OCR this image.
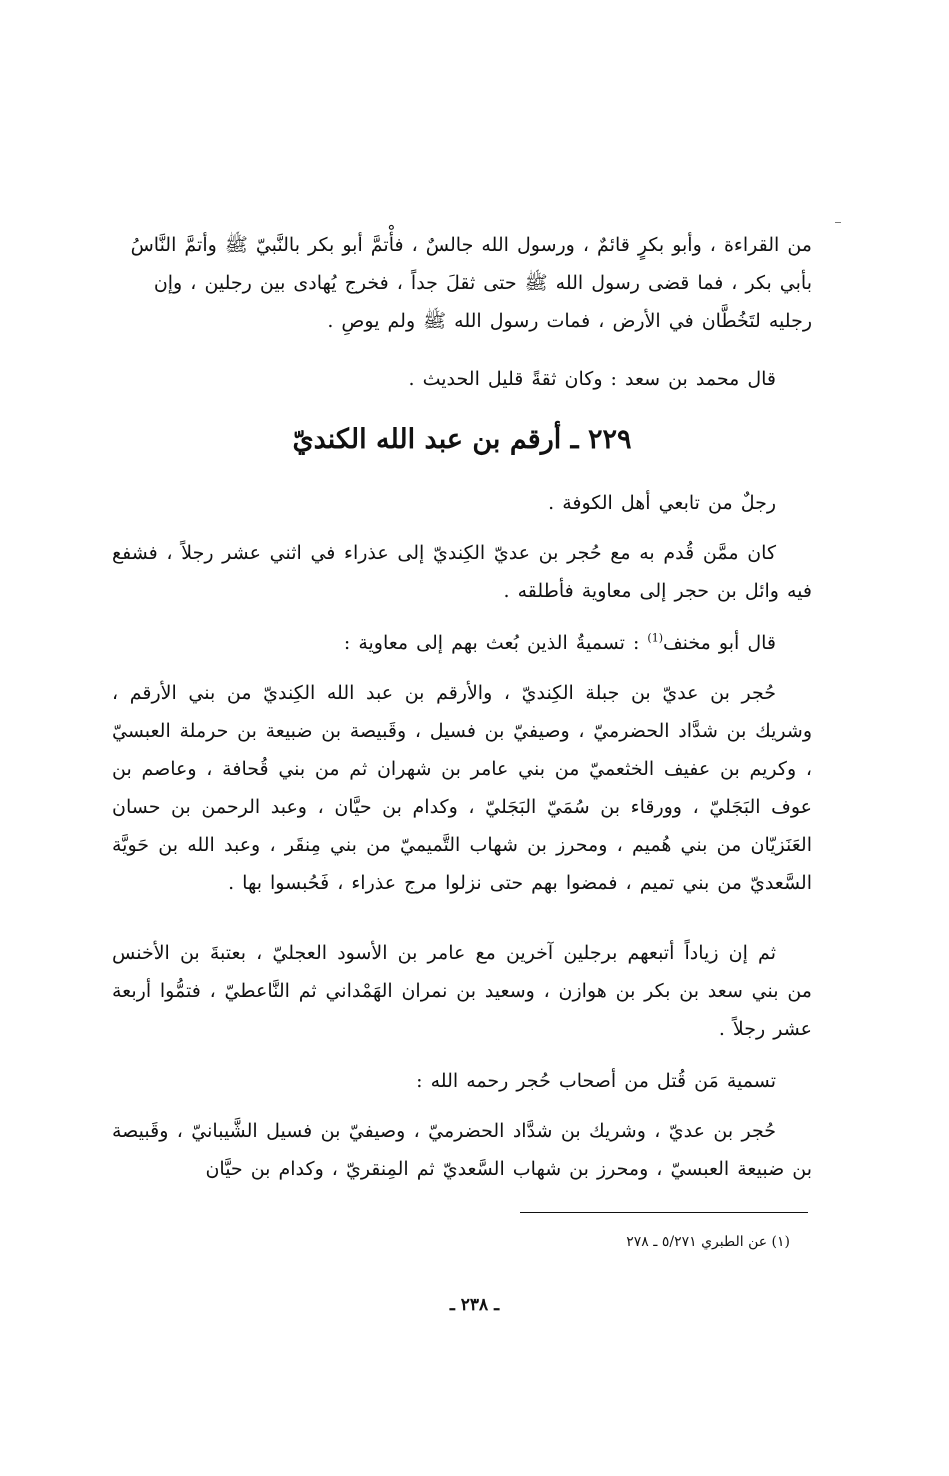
من القراءة ، وأبو بكرٍ قائمٌ ، ورسول الله جالسٌ ، فأْتمَّ أبو بكر بالنَّبيّ ﷺ وأتمَّ النَّاسُ
بأبي بكر ، فما قضى رسول الله ﷺ حتى ثقلَ جداً ، فخرج يُهادى بين رجلين ، وإن
رجليه لتَخُطَّان في الأرض ، فمات رسول الله ﷺ ولم يوصِ .
قال محمد بن سعد : وكان ثقةً قليل الحديث .
٢٢٩ ـ أرقم بن عبد الله الكنديّ
رجلٌ من تابعي أهل الكوفة .
كان ممَّن قُدم به مع حُجر بن عديّ الكِنديّ إلى عذراء في اثني عشر رجلاً ، فشفع فيه وائل بن حجر إلى معاوية فأطلقه .
قال أبو مخنف$^{(1)}$ : تسميةُ الذين بُعث بهم إلى معاوية :
حُجر بن عديّ بن جبلة الكِنديّ ، والأرقم بن عبد الله الكِنديّ من بني الأرقم ، وشريك بن شدَّاد الحضرميّ ، وصيفيّ بن فسيل ، وقَبيصة بن ضبيعة بن حرملة العبسيّ ، وكريم بن عفيف الخثعميّ من بني عامر بن شهران ثم من بني قُحافة ، وعاصم بن عوف البَجَليّ ، وورقاء بن سُمَيّ البَجَليّ ، وكدام بن حيَّان ، وعبد الرحمن بن حسان العَنَزيّان من بني هُميم ، ومحرز بن شهاب التَّميميّ من بني مِنقَر ، وعبد الله بن حَويَّة السَّعديّ من بني تميم ، فمضوا بهم حتى نزلوا مرج عذراء ، فَحُبسوا بها .
ثم إن زياداً أتبعهم برجلين آخرين مع عامر بن الأسود العجليّ ، بعتبةَ بن الأخنس من بني سعد بن بكر بن هوازن ، وسعيد بن نمران الهَمْداني ثم النَّاعطيّ ، فتمُّوا أربعة عشر رجلاً .
تسمية مَن قُتل من أصحاب حُجر رحمه الله :
حُجر بن عديّ ، وشريك بن شدَّاد الحضرميّ ، وصيفيّ بن فسيل الشَّيبانيّ ، وقَبيصة بن ضبيعة العبسيّ ، ومحرز بن شهاب السَّعديّ ثم المِنقريّ ، وكدام بن حيَّان
(١) عن الطبري ٥/٢٧١ ـ ٢٧٨
ـ ٢٣٨ ـ
